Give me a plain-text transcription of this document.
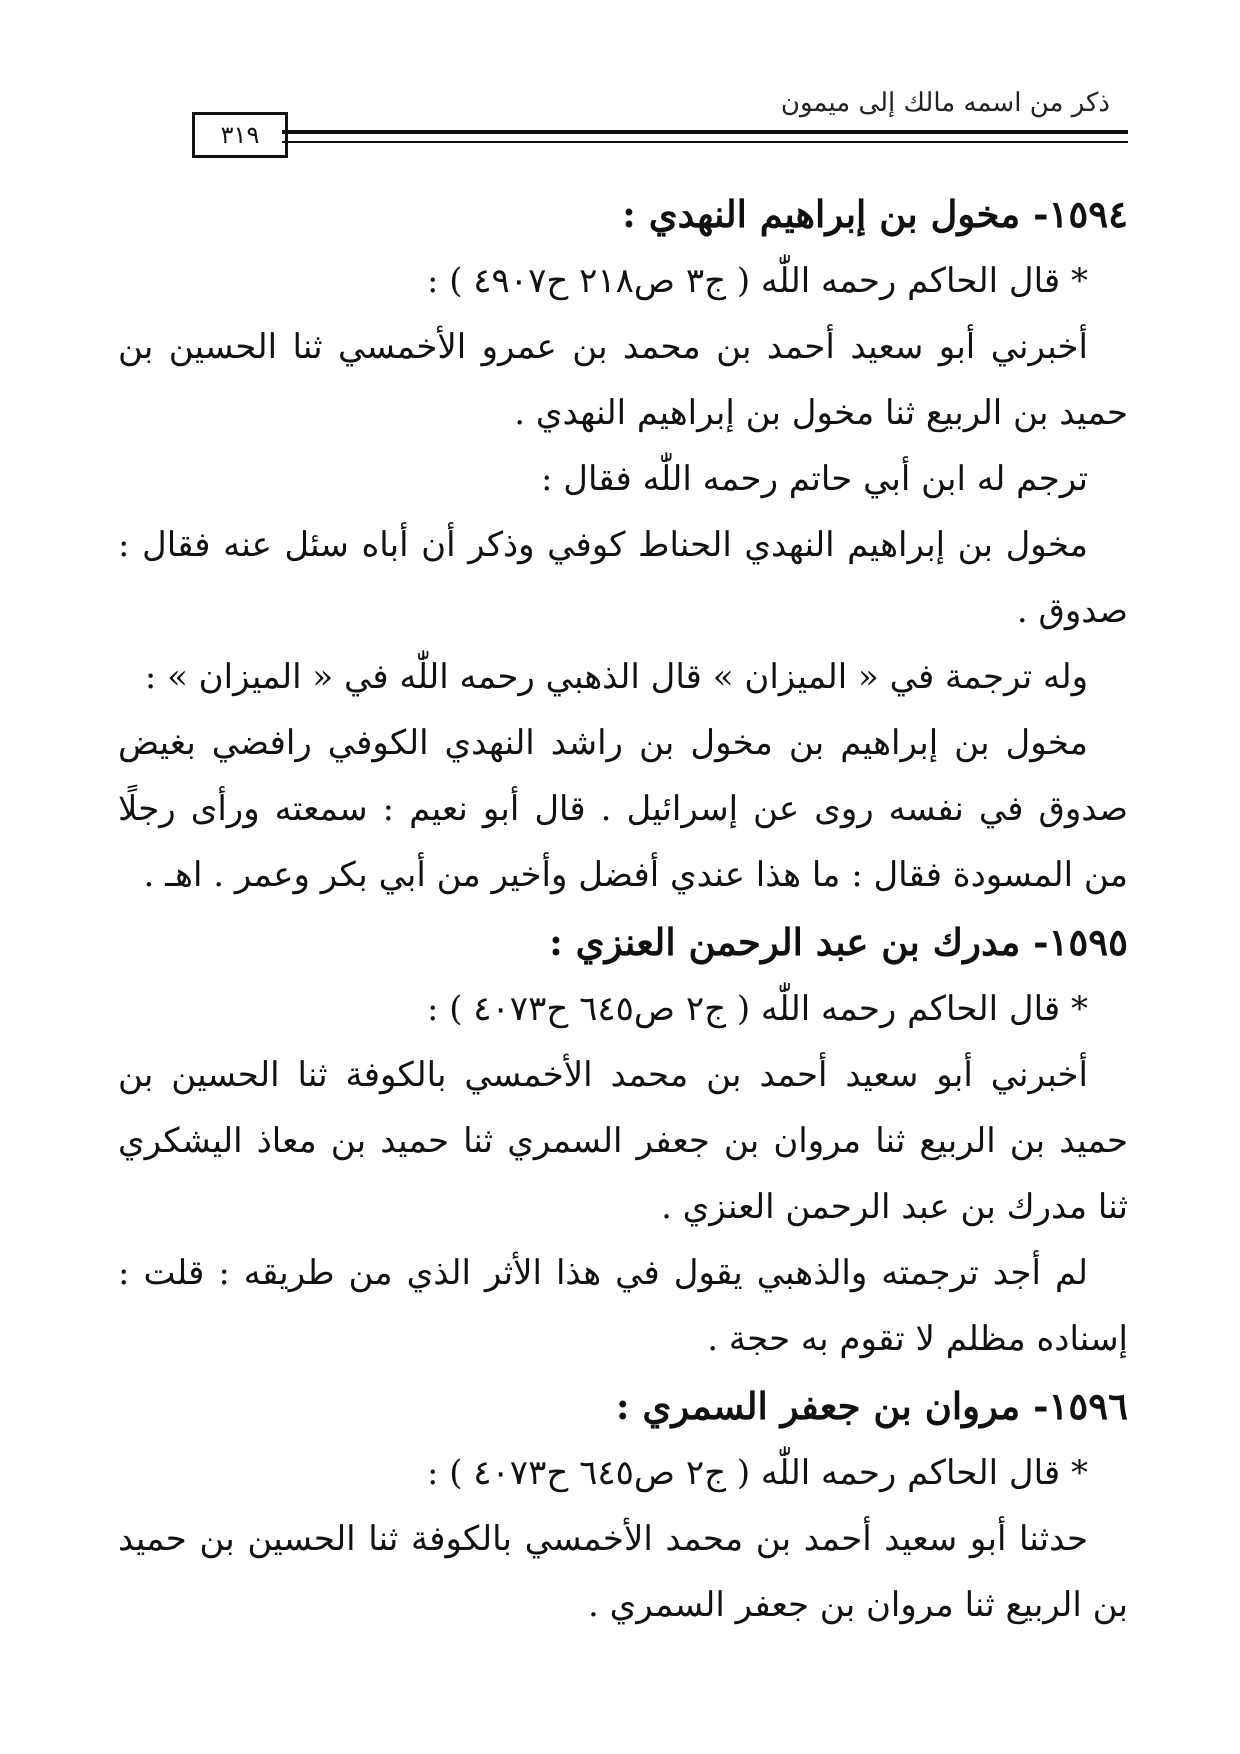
ذكر من اسمه مالك إلى ميمون
٣١٩
١٥٩٤- مخول بن إبراهيم النهدي :

* قال الحاكم رحمه اللّٰه ( ج٣ ص٢١٨ ح٤٩٠٧ ) :

أخبرني أبو سعيد أحمد بن محمد بن عمرو الأخمسي ثنا الحسين بن حميد بن الربيع ثنا مخول بن إبراهيم النهدي .

ترجم له ابن أبي حاتم رحمه اللّٰه فقال :

مخول بن إبراهيم النهدي الحناط كوفي وذكر أن أباه سئل عنه فقال : صدوق .

وله ترجمة في « الميزان » قال الذهبي رحمه اللّٰه في « الميزان » :

مخول بن إبراهيم بن مخول بن راشد النهدي الكوفي رافضي بغيض صدوق في نفسه روى عن إسرائيل . قال أبو نعيم : سمعته ورأى رجلًا من المسودة فقال : ما هذا عندي أفضل وأخير من أبي بكر وعمر . اهـ .

١٥٩٥- مدرك بن عبد الرحمن العنزي :

* قال الحاكم رحمه اللّٰه ( ج٢ ص٦٤٥ ح٤٠٧٣ ) :

أخبرني أبو سعيد أحمد بن محمد الأخمسي بالكوفة ثنا الحسين بن حميد بن الربيع ثنا مروان بن جعفر السمري ثنا حميد بن معاذ اليشكري ثنا مدرك بن عبد الرحمن العنزي .

لم أجد ترجمته والذهبي يقول في هذا الأثر الذي من طريقه : قلت : إسناده مظلم لا تقوم به حجة .

١٥٩٦- مروان بن جعفر السمري :

* قال الحاكم رحمه اللّٰه ( ج٢ ص٦٤٥ ح٤٠٧٣ ) :

حدثنا أبو سعيد أحمد بن محمد الأخمسي بالكوفة ثنا الحسين بن حميد بن الربيع ثنا مروان بن جعفر السمري .
